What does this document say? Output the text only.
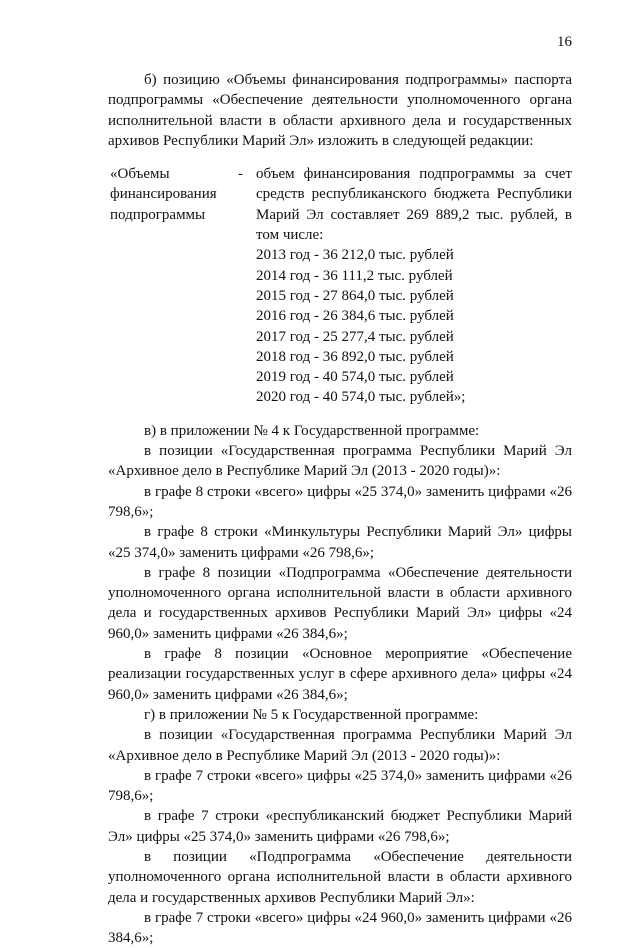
16

б) позицию «Объемы финансирования подпрограммы» паспорта подпрограммы «Обеспечение деятельности уполномоченного органа исполнительной власти в области архивного дела и государственных архивов Республики Марий Эл» изложить в следующей редакции:

«Объемы
финансирования
подпрограммы
- объем финансирования подпрограммы за счет средств республиканского бюджета Республики Марий Эл составляет 269 889,2 тыс. рублей, в том числе:

2013 год - 36 212,0 тыс. рублей
2014 год - 36 111,2 тыс. рублей
2015 год - 27 864,0 тыс. рублей
2016 год - 26 384,6 тыс. рублей
2017 год - 25 277,4 тыс. рублей
2018 год - 36 892,0 тыс. рублей
2019 год - 40 574,0 тыс. рублей
2020 год - 40 574,0 тыс. рублей»;

в) в приложении № 4 к Государственной программе:

в позиции «Государственная программа Республики Марий Эл «Архивное дело в Республике Марий Эл (2013 - 2020 годы)»:

в графе 8 строки «всего» цифры «25 374,0» заменить цифрами «26 798,6»;

в графе 8 строки «Минкультуры Республики Марий Эл» цифры «25 374,0» заменить цифрами «26 798,6»;

в графе 8 позиции «Подпрограмма «Обеспечение деятельности уполномоченного органа исполнительной власти в области архивного дела и государственных архивов Республики Марий Эл» цифры «24 960,0» заменить цифрами «26 384,6»;

в графе 8 позиции «Основное мероприятие «Обеспечение реализации государственных услуг в сфере архивного дела» цифры «24 960,0» заменить цифрами «26 384,6»;

г) в приложении № 5 к Государственной программе:

в позиции «Государственная программа Республики Марий Эл «Архивное дело в Республике Марий Эл (2013 - 2020 годы)»:

в графе 7 строки «всего» цифры «25 374,0» заменить цифрами «26 798,6»;

в графе 7 строки «республиканский бюджет Республики Марий Эл» цифры «25 374,0» заменить цифрами «26 798,6»;

в позиции «Подпрограмма «Обеспечение деятельности уполномоченного органа исполнительной власти в области архивного дела и государственных архивов Республики Марий Эл»:

в графе 7 строки «всего» цифры «24 960,0» заменить цифрами «26 384,6»;
